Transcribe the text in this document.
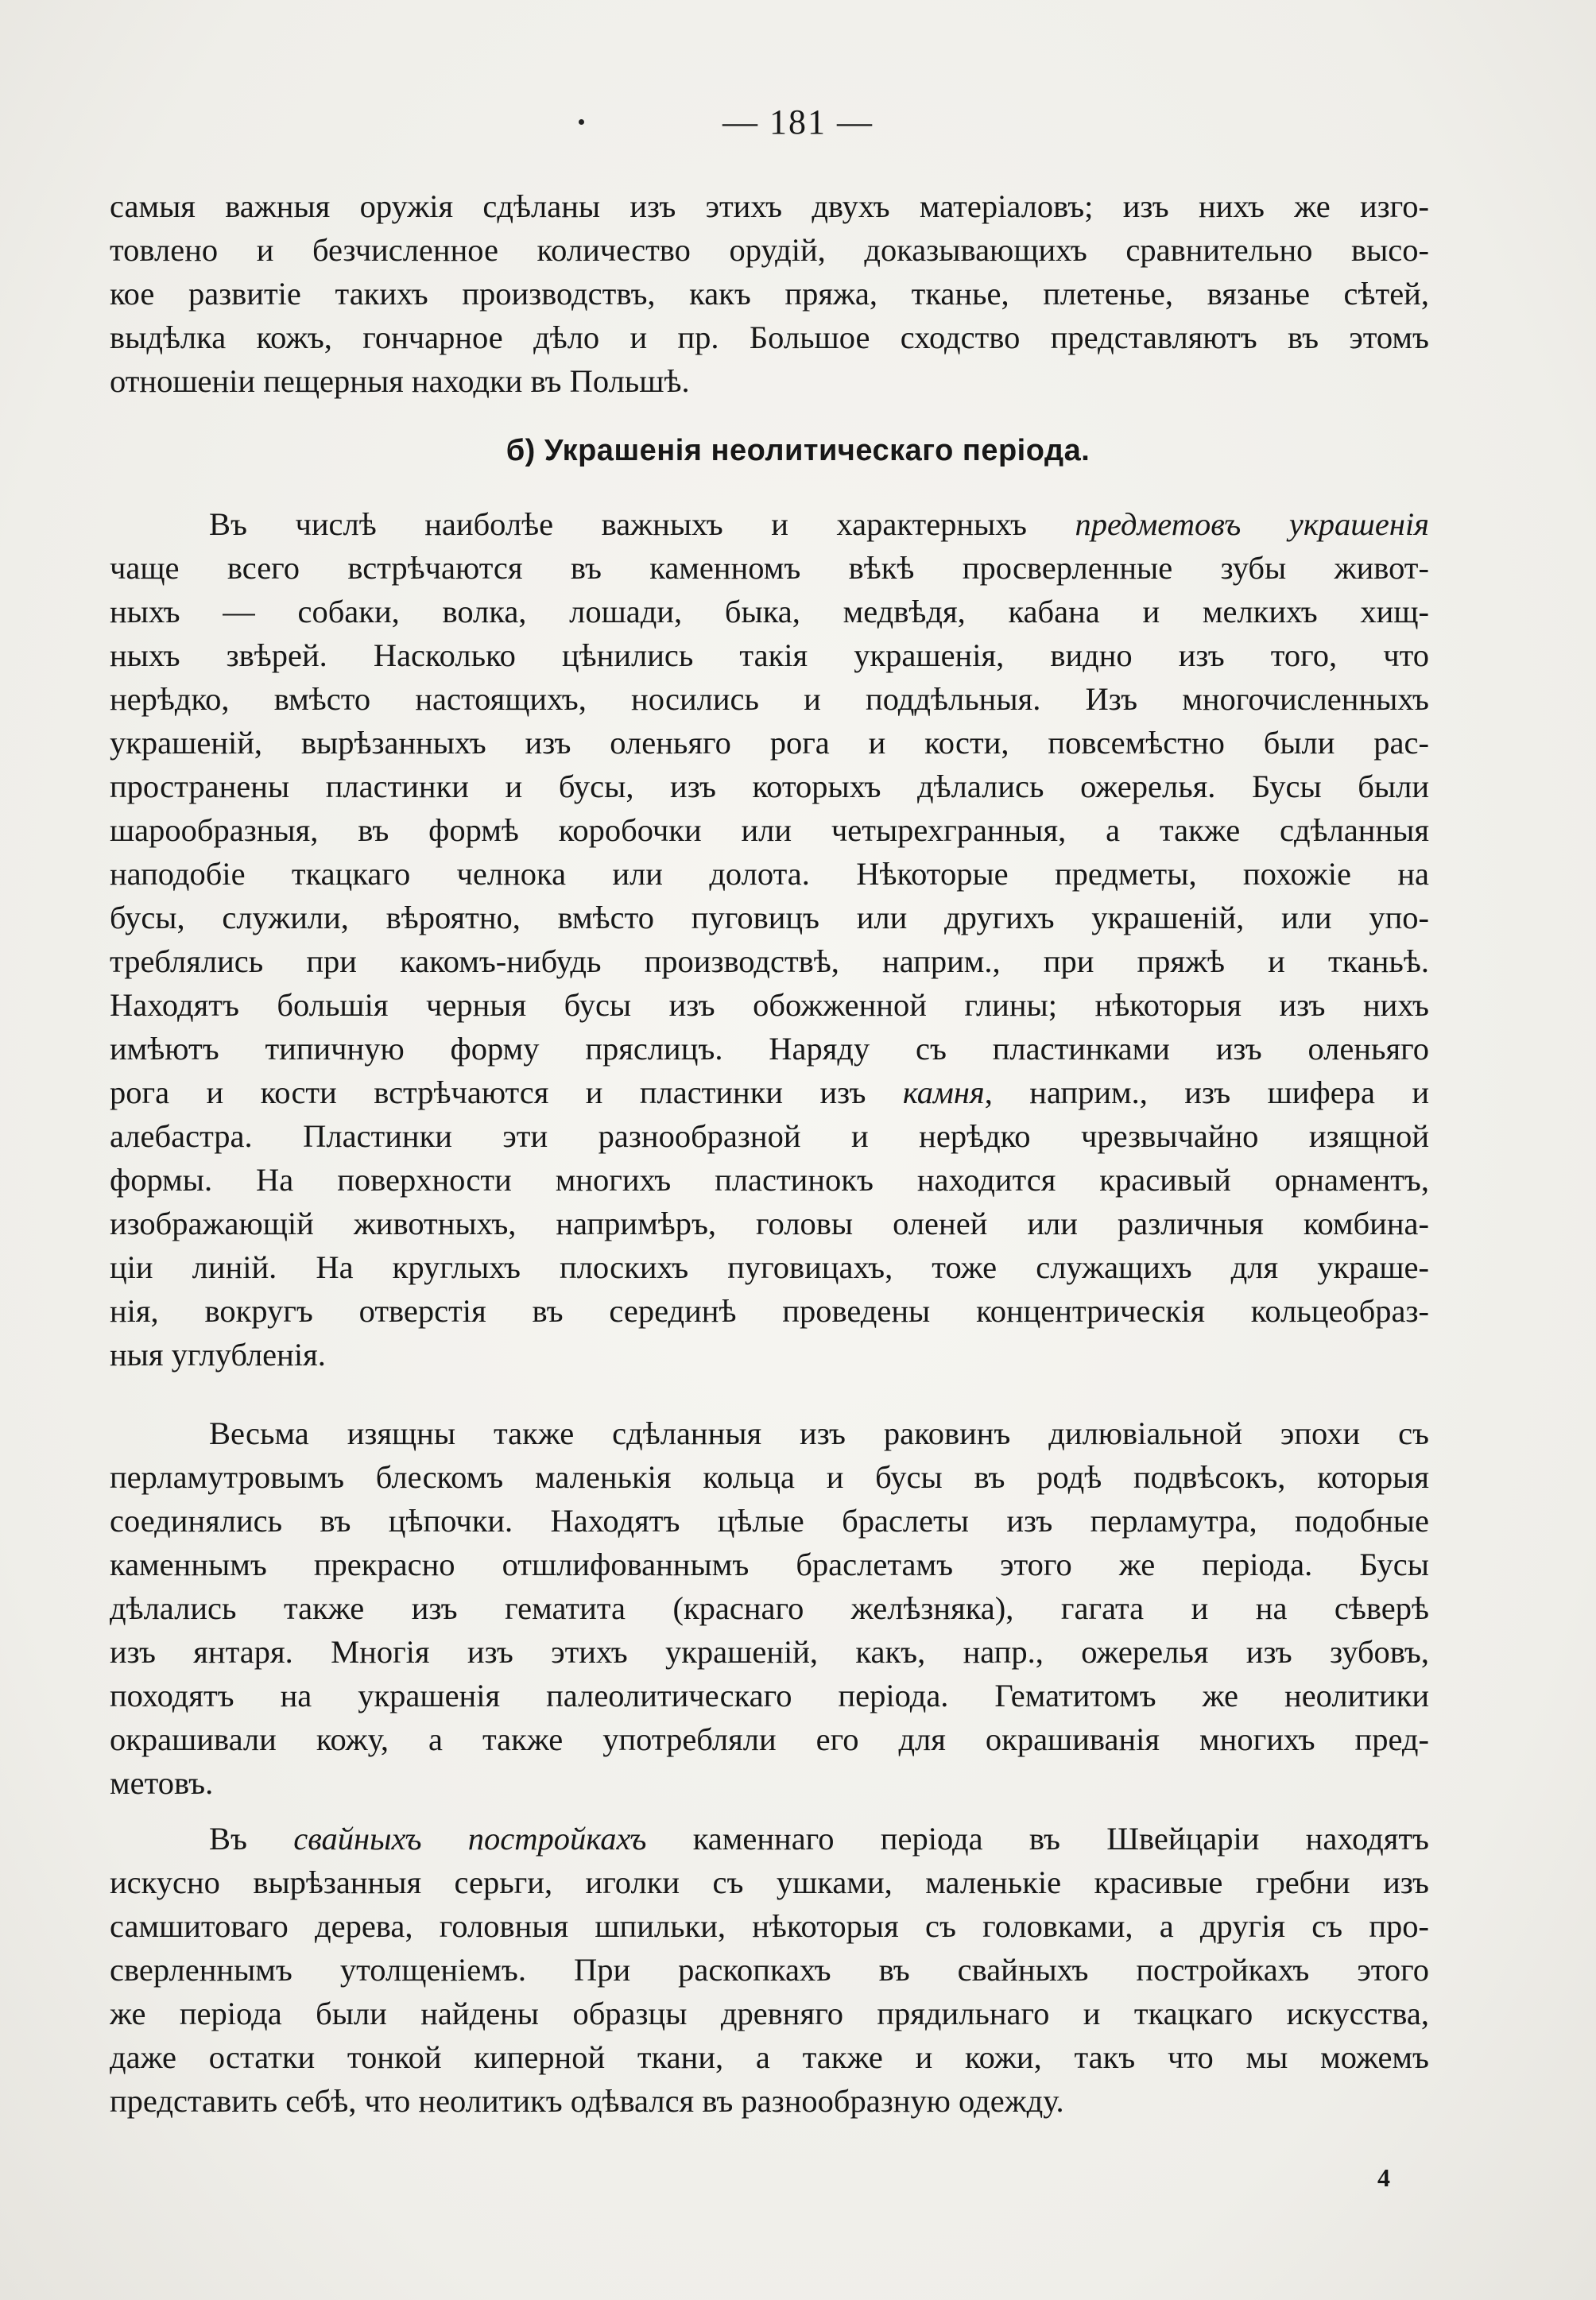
— 181 —
самыя важныя оружія сдѣланы изъ этихъ двухъ матеріаловъ; изъ нихъ же изго-
товлено и безчисленное количество орудій, доказывающихъ сравнительно высо-
кое развитіе такихъ производствъ, какъ пряжа, тканье, плетенье, вязанье сѣтей,
выдѣлка кожъ, гончарное дѣло и пр. Большое сходство представляютъ въ этомъ
отношеніи пещерныя находки въ Польшѣ.
б) Украшенія неолитическаго періода.
Въ числѣ наиболѣе важныхъ и характерныхъ предметовъ украшенія
чаще всего встрѣчаются въ каменномъ вѣкѣ просверленные зубы живот-
ныхъ — собаки, волка, лошади, быка, медвѣдя, кабана и мелкихъ хищ-
ныхъ звѣрей. Насколько цѣнились такія украшенія, видно изъ того, что
нерѣдко, вмѣсто настоящихъ, носились и поддѣльныя. Изъ многочисленныхъ
украшеній, вырѣзанныхъ изъ оленьяго рога и кости, повсемѣстно были рас-
пространены пластинки и бусы, изъ которыхъ дѣлались ожерелья. Бусы были
шарообразныя, въ формѣ коробочки или четырехгранныя, а также сдѣланныя
наподобіе ткацкаго челнока или долота. Нѣкоторые предметы, похожіе на
бусы, служили, вѣроятно, вмѣсто пуговицъ или другихъ украшеній, или упо-
треблялись при какомъ-нибудь производствѣ, наприм., при пряжѣ и тканьѣ.
Находятъ большія черныя бусы изъ обожженной глины; нѣкоторыя изъ нихъ
имѣютъ типичную форму пряслицъ. Наряду съ пластинками изъ оленьяго
рога и кости встрѣчаются и пластинки изъ камня, наприм., изъ шифера и
алебастра. Пластинки эти разнообразной и нерѣдко чрезвычайно изящной
формы. На поверхности многихъ пластинокъ находится красивый орнаментъ,
изображающій животныхъ, напримѣръ, головы оленей или различныя комбина-
ціи линій. На круглыхъ плоскихъ пуговицахъ, тоже служащихъ для украше-
нія, вокругъ отверстія въ серединѣ проведены концентрическія кольцеобраз-
ныя углубленія.
Весьма изящны также сдѣланныя изъ раковинъ дилювіальной эпохи съ
перламутровымъ блескомъ маленькія кольца и бусы въ родѣ подвѣсокъ, которыя
соединялись въ цѣпочки. Находятъ цѣлые браслеты изъ перламутра, подобные
каменнымъ прекрасно отшлифованнымъ браслетамъ этого же періода. Бусы
дѣлались также изъ гематита (краснаго желѣзняка), гагата и на сѣверѣ
изъ янтаря. Многія изъ этихъ украшеній, какъ, напр., ожерелья изъ зубовъ,
походятъ на украшенія палеолитическаго періода. Гематитомъ же неолитики
окрашивали кожу, а также употребляли его для окрашиванія многихъ пред-
метовъ.
Въ свайныхъ постройкахъ каменнаго періода въ Швейцаріи находятъ
искусно вырѣзанныя серьги, иголки съ ушками, маленькіе красивые гребни изъ
самшитоваго дерева, головныя шпильки, нѣкоторыя съ головками, а другія съ про-
сверленнымъ утолщеніемъ. При раскопкахъ въ свайныхъ постройкахъ этого
же періода были найдены образцы древняго прядильнаго и ткацкаго искусства,
даже остатки тонкой киперной ткани, а также и кожи, такъ что мы можемъ
представить себѣ, что неолитикъ одѣвался въ разнообразную одежду.
4
